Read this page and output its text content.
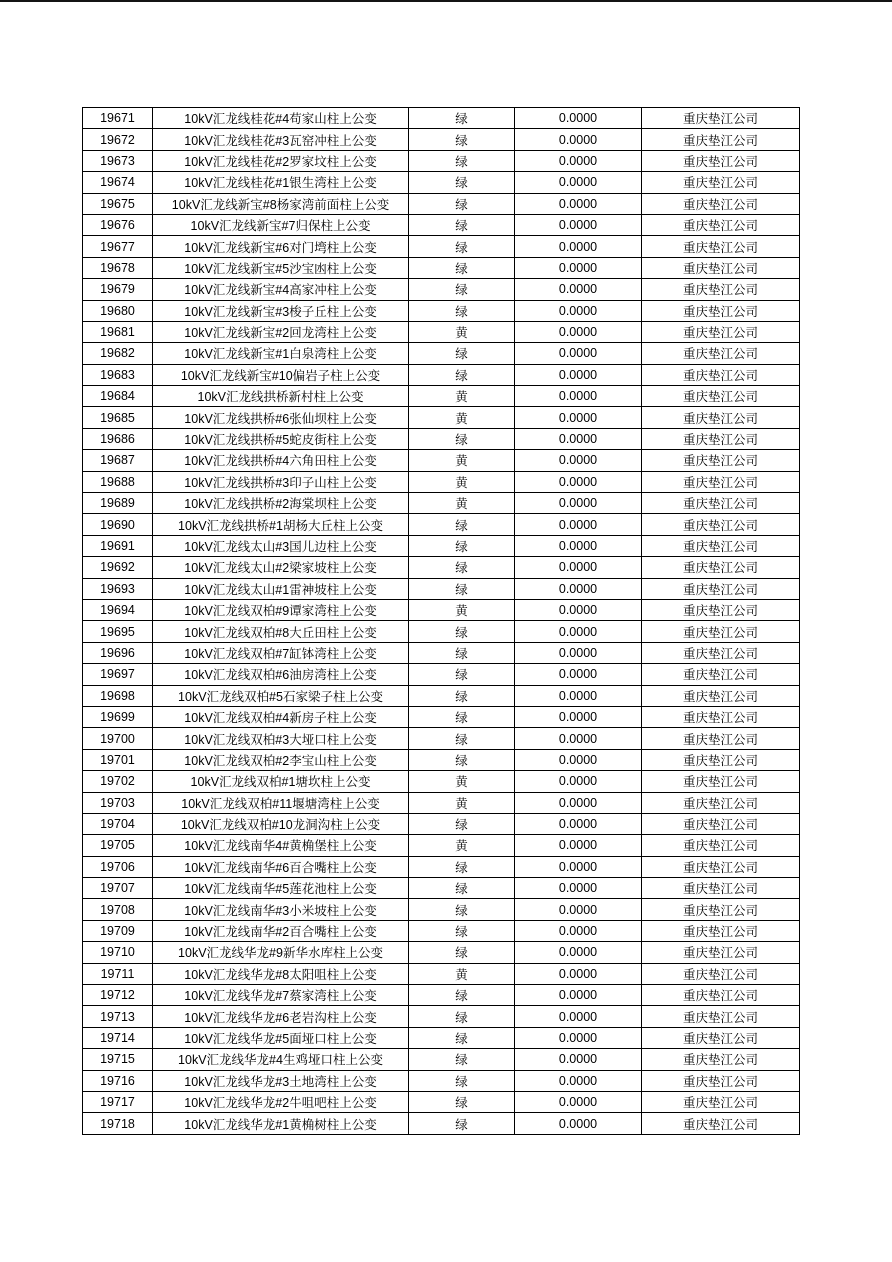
19671	10kV汇龙线桂花#4苟家山柱上公变	绿	0.0000	重庆垫江公司
19672	10kV汇龙线桂花#3瓦窑冲柱上公变	绿	0.0000	重庆垫江公司
19673	10kV汇龙线桂花#2罗家坟柱上公变	绿	0.0000	重庆垫江公司
19674	10kV汇龙线桂花#1银生湾柱上公变	绿	0.0000	重庆垫江公司
19675	10kV汇龙线新宝#8杨家湾前面柱上公变	绿	0.0000	重庆垫江公司
19676	10kV汇龙线新宝#7归保柱上公变	绿	0.0000	重庆垫江公司
19677	10kV汇龙线新宝#6对门塆柱上公变	绿	0.0000	重庆垫江公司
19678	10kV汇龙线新宝#5沙宝凼柱上公变	绿	0.0000	重庆垫江公司
19679	10kV汇龙线新宝#4高家冲柱上公变	绿	0.0000	重庆垫江公司
19680	10kV汇龙线新宝#3梭子丘柱上公变	绿	0.0000	重庆垫江公司
19681	10kV汇龙线新宝#2回龙湾柱上公变	黄	0.0000	重庆垫江公司
19682	10kV汇龙线新宝#1白泉湾柱上公变	绿	0.0000	重庆垫江公司
19683	10kV汇龙线新宝#10偏岩子柱上公变	绿	0.0000	重庆垫江公司
19684	10kV汇龙线拱桥新村柱上公变	黄	0.0000	重庆垫江公司
19685	10kV汇龙线拱桥#6张仙坝柱上公变	黄	0.0000	重庆垫江公司
19686	10kV汇龙线拱桥#5蛇皮街柱上公变	绿	0.0000	重庆垫江公司
19687	10kV汇龙线拱桥#4六角田柱上公变	黄	0.0000	重庆垫江公司
19688	10kV汇龙线拱桥#3印子山柱上公变	黄	0.0000	重庆垫江公司
19689	10kV汇龙线拱桥#2海棠坝柱上公变	黄	0.0000	重庆垫江公司
19690	10kV汇龙线拱桥#1胡杨大丘柱上公变	绿	0.0000	重庆垫江公司
19691	10kV汇龙线太山#3国儿边柱上公变	绿	0.0000	重庆垫江公司
19692	10kV汇龙线太山#2梁家坡柱上公变	绿	0.0000	重庆垫江公司
19693	10kV汇龙线太山#1雷神坡柱上公变	绿	0.0000	重庆垫江公司
19694	10kV汇龙线双柏#9谭家湾柱上公变	黄	0.0000	重庆垫江公司
19695	10kV汇龙线双柏#8大丘田柱上公变	绿	0.0000	重庆垫江公司
19696	10kV汇龙线双柏#7缸钵湾柱上公变	绿	0.0000	重庆垫江公司
19697	10kV汇龙线双柏#6油房湾柱上公变	绿	0.0000	重庆垫江公司
19698	10kV汇龙线双柏#5石家梁子柱上公变	绿	0.0000	重庆垫江公司
19699	10kV汇龙线双柏#4新房子柱上公变	绿	0.0000	重庆垫江公司
19700	10kV汇龙线双柏#3大垭口柱上公变	绿	0.0000	重庆垫江公司
19701	10kV汇龙线双柏#2李宝山柱上公变	绿	0.0000	重庆垫江公司
19702	10kV汇龙线双柏#1塘坎柱上公变	黄	0.0000	重庆垫江公司
19703	10kV汇龙线双柏#11堰塘湾柱上公变	黄	0.0000	重庆垫江公司
19704	10kV汇龙线双柏#10龙洞沟柱上公变	绿	0.0000	重庆垫江公司
19705	10kV汇龙线南华4#黄桷堡柱上公变	黄	0.0000	重庆垫江公司
19706	10kV汇龙线南华#6百合嘴柱上公变	绿	0.0000	重庆垫江公司
19707	10kV汇龙线南华#5莲花池柱上公变	绿	0.0000	重庆垫江公司
19708	10kV汇龙线南华#3小米坡柱上公变	绿	0.0000	重庆垫江公司
19709	10kV汇龙线南华#2百合嘴柱上公变	绿	0.0000	重庆垫江公司
19710	10kV汇龙线华龙#9新华水库柱上公变	绿	0.0000	重庆垫江公司
19711	10kV汇龙线华龙#8太阳咀柱上公变	黄	0.0000	重庆垫江公司
19712	10kV汇龙线华龙#7蔡家湾柱上公变	绿	0.0000	重庆垫江公司
19713	10kV汇龙线华龙#6老岩沟柱上公变	绿	0.0000	重庆垫江公司
19714	10kV汇龙线华龙#5面垭口柱上公变	绿	0.0000	重庆垫江公司
19715	10kV汇龙线华龙#4生鸡垭口柱上公变	绿	0.0000	重庆垫江公司
19716	10kV汇龙线华龙#3土地湾柱上公变	绿	0.0000	重庆垫江公司
19717	10kV汇龙线华龙#2牛咀吧柱上公变	绿	0.0000	重庆垫江公司
19718	10kV汇龙线华龙#1黄桷树柱上公变	绿	0.0000	重庆垫江公司
